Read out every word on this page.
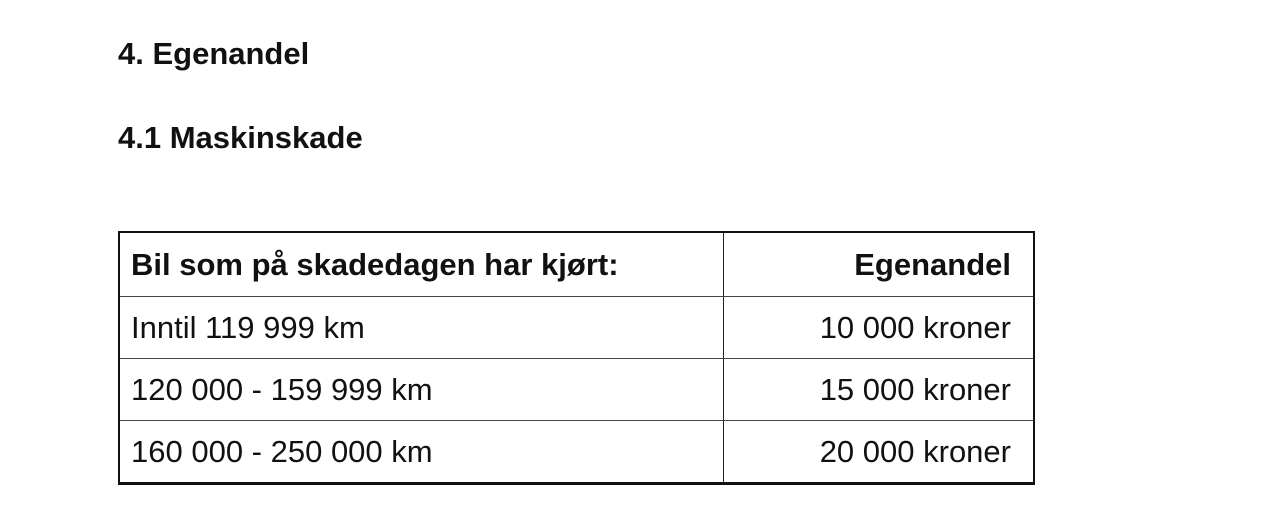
4. Egenandel
4.1 Maskinskade
Bil som på skadedagen har kjørt:	Egenandel
Inntil 119 999 km	10 000 kroner
120 000 - 159 999 km	15 000 kroner
160 000 - 250 000 km	20 000 kroner
